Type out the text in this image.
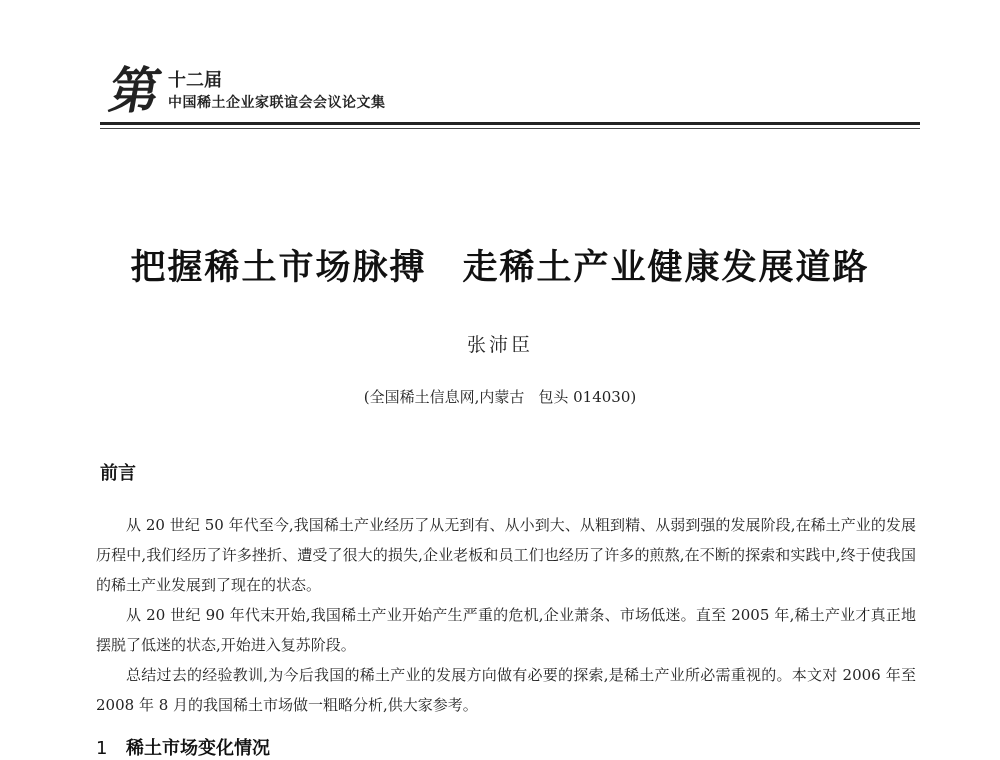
第 十二届
中国稀土企业家联谊会会议论文集
把握稀土市场脉搏 走稀土产业健康发展道路
张沛臣
(全国稀土信息网,内蒙古 包头 014030)
前言

从 20 世纪 50 年代至今,我国稀土产业经历了从无到有、从小到大、从粗到精、从弱到强的发展阶段,在稀土产业的发展历程中,我们经历了许多挫折、遭受了很大的损失,企业老板和员工们也经历了许多的煎熬,在不断的探索和实践中,终于使我国的稀土产业发展到了现在的状态。

从 20 世纪 90 年代末开始,我国稀土产业开始产生严重的危机,企业萧条、市场低迷。直至 2005 年,稀土产业才真正地摆脱了低迷的状态,开始进入复苏阶段。

总结过去的经验教训,为今后我国的稀土产业的发展方向做有必要的探索,是稀土产业所必需重视的。本文对 2006 年至 2008 年 8 月的我国稀土市场做一粗略分析,供大家参考。

1 稀土市场变化情况
